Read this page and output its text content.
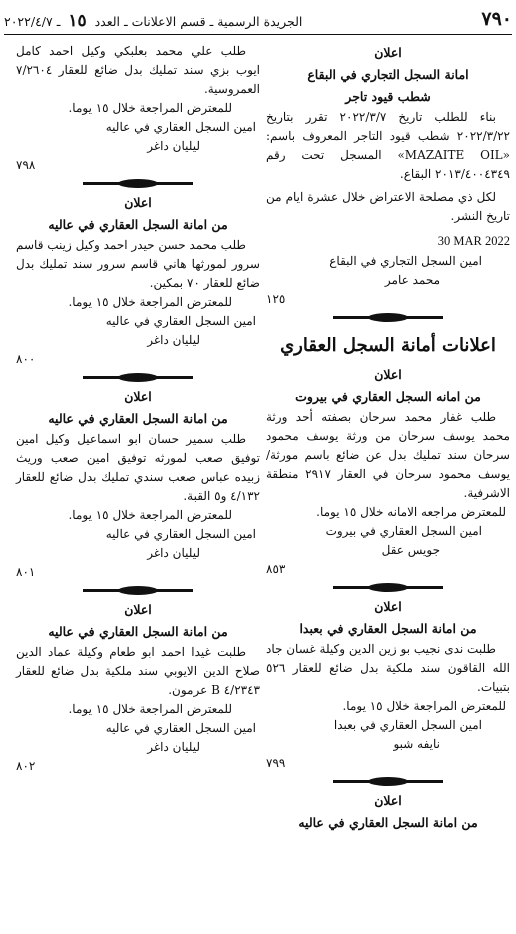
٧٩٠
الجريدة الرسمية ـ قسم الاعلانات ـ العدد ١٥ ـ ٢٠٢٢/٤/٧
اعلان
امانة السجل التجاري في البقاع
شطب قيود تاجر

بناء للطلب تاريخ ٢٠٢٢/٣/٧ تقرر بتاريخ ٢٠٢٢/٣/٢٢ شطب قيود التاجر المعروف باسم: «MAZAITE OIL» المسجل تحت رقم ٢٠١٣/٤٠٠٤٣٤٩ البقاع.

لكل ذي مصلحة الاعتراض خلال عشرة ايام من تاريخ النشر.

30 MAR 2022
امين السجل التجاري في البقاع
محمد عامر
١٢٥
اعلانات أمانة السجل العقاري
اعلان
من امانه السجل العقاري في بيروت

طلب غفار محمد سرحان بصفته أحد ورثة محمد يوسف سرحان من ورثة يوسف محمود سرحان سند تمليك بدل عن ضائع باسم مورثة/ يوسف محمود سرحان في العقار ٢٩١٧ منطقة الاشرفية.

للمعترض مراجعه الامانه خلال ١٥ يوما.
امين السجل العقاري في بيروت
جويس عقل
٨٥٣
اعلان
من امانة السجل العقاري في بعبدا

طلبت ندى نجيب بو زين الدين وكيلة غسان جاد الله القاقون سند ملكية بدل ضائع للعقار ٥٢٦ بتبيات.

للمعترض المراجعة خلال ١٥ يوما.
امين السجل العقاري في بعبدا
نايفه شبو
٧٩٩
اعلان
من امانة السجل العقاري في عاليه

طلب علي محمد بعلبكي وكيل احمد كامل ايوب بزي سند تمليك بدل ضائع للعقار ٧/٢٦٠٤ العمروسية.

للمعترض المراجعة خلال ١٥ يوما.
امين السجل العقاري في عاليه
ليليان داغر
٧٩٨
اعلان
من امانة السجل العقاري في عاليه

طلب محمد حسن حيدر احمد وكيل زينب قاسم سرور لمورثها هاني قاسم سرور سند تمليك بدل ضائع للعقار ٧٠ بمكين.

للمعترض المراجعة خلال ١٥ يوما.
امين السجل العقاري في عاليه
ليليان داغر
٨٠٠
اعلان
من امانة السجل العقاري في عاليه

طلب سمير حسان ابو اسماعيل وكيل امين توفيق صعب لمورثه توفيق امين صعب وريث زبيده عباس صعب سندي تمليك بدل ضائع للعقار ٤/١٣٢ و٥ القبة.

للمعترض المراجعة خلال ١٥ يوما.
امين السجل العقاري في عاليه
ليليان داغر
٨٠١
اعلان
من امانة السجل العقاري في عاليه

طلبت غيدا احمد ابو طعام وكيلة عماد الدين صلاح الدين الايوبي سند ملكية بدل ضائع للعقار ٤/٢٣٤٣ B عرمون.

للمعترض المراجعة خلال ١٥ يوما.
امين السجل العقاري في عاليه
ليليان داغر
٨٠٢
